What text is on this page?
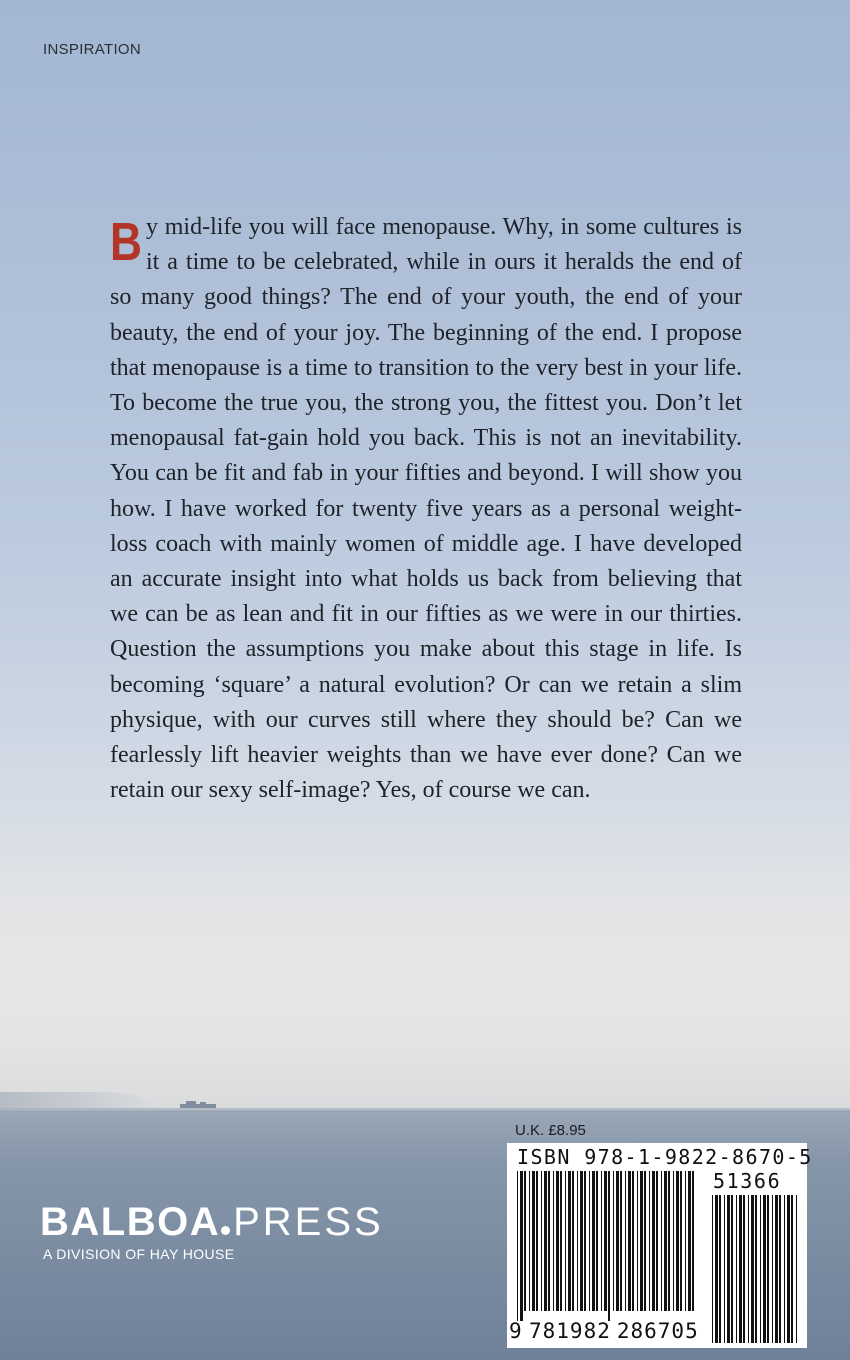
INSPIRATION
By mid-life you will face menopause. Why, in some cultures is it a time to be celebrated, while in ours it heralds the end of so many good things? The end of your youth, the end of your beauty, the end of your joy. The beginning of the end. I propose that menopause is a time to transition to the very best in your life. To become the true you, the strong you, the fittest you. Don’t let menopausal fat-gain hold you back. This is not an inevitability. You can be fit and fab in your fifties and beyond. I will show you how. I have worked for twenty five years as a personal weight-loss coach with mainly women of middle age. I have developed an accurate insight into what holds us back from believing that we can be as lean and fit in our fifties as we were in our thirties. Question the assumptions you make about this stage in life. Is becoming ‘square’ a natural evolution? Or can we retain a slim physique, with our curves still where they should be? Can we fearlessly lift heavier weights than we have ever done? Can we retain our sexy self-image? Yes, of course we can.
U.K. £8.95
ISBN 978-1-9822-8670-5
51366
9 781982 286705
BALBOA PRESS
A DIVISION OF HAY HOUSE
